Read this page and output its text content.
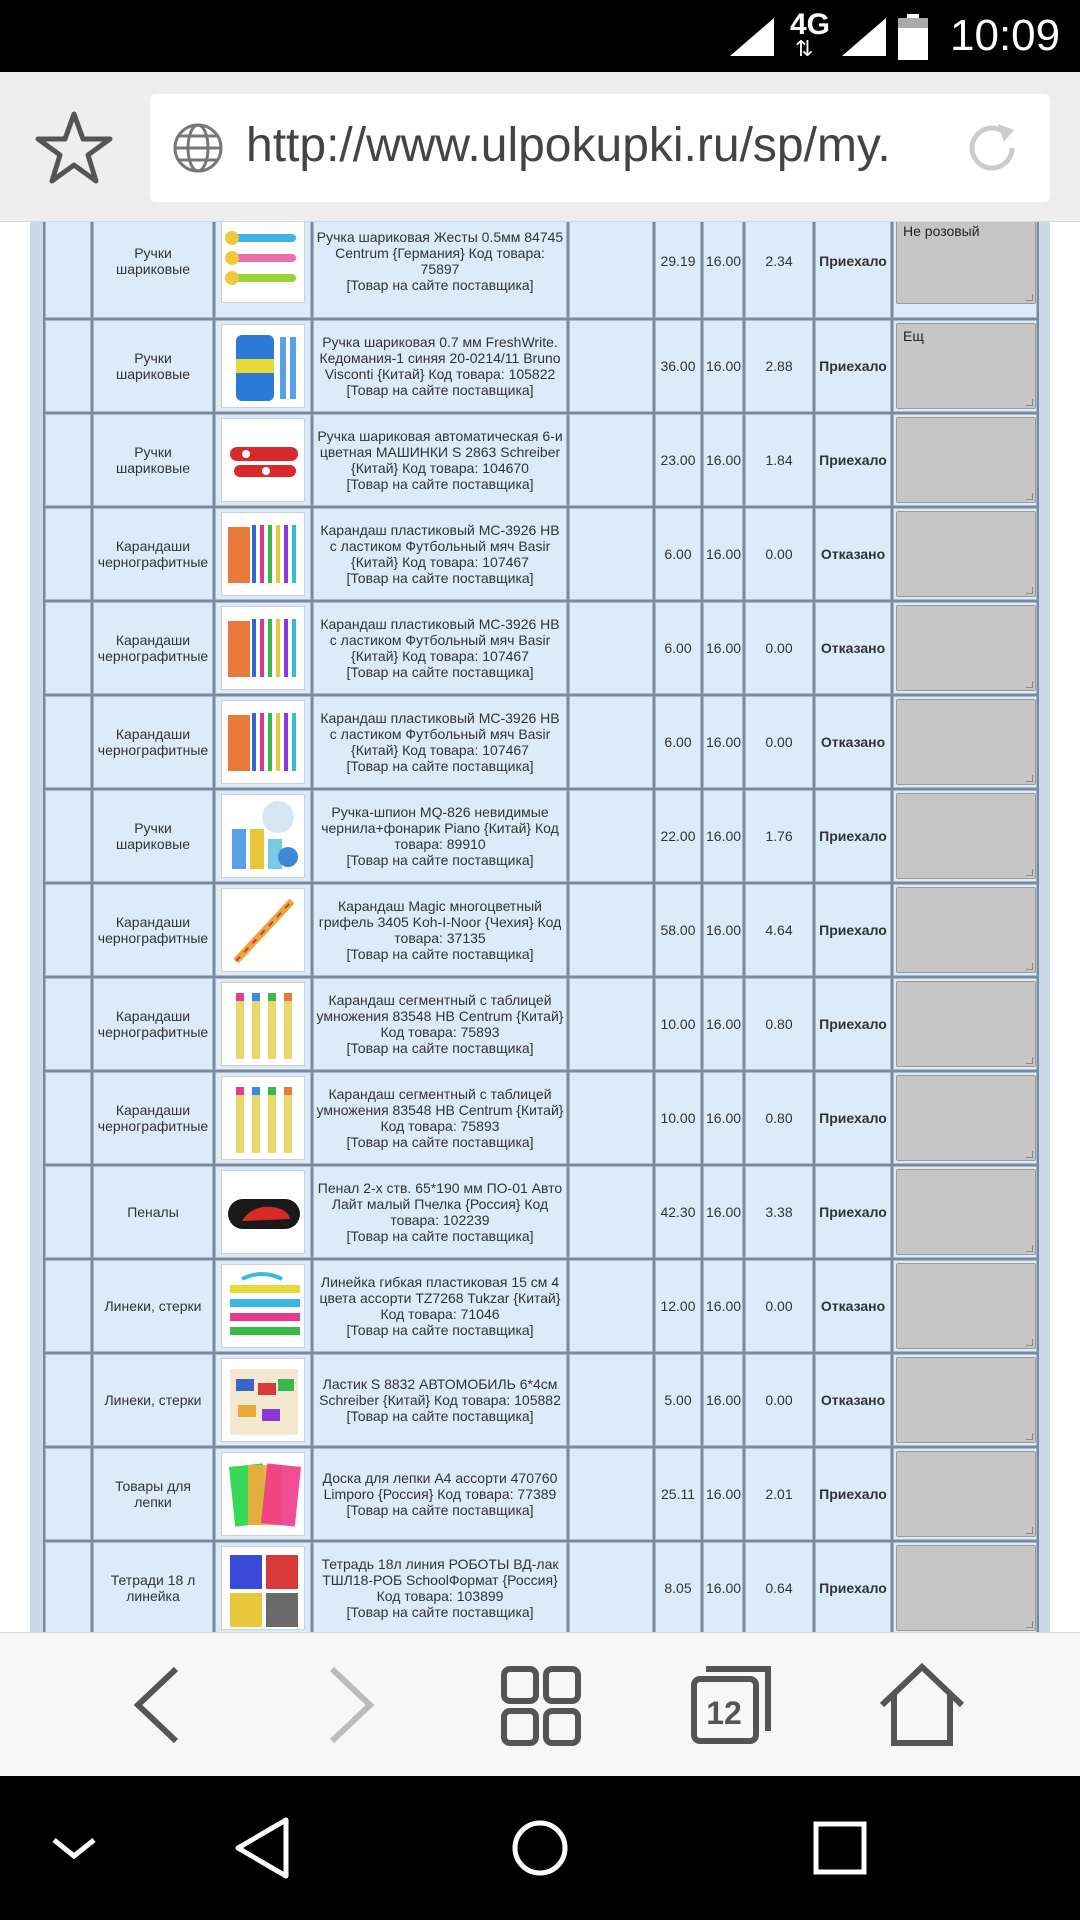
4G
⇅	10:09
http://www.ulpokupki.ru/sp/my.
	Ручки шариковые		Ручка шариковая Жесты 0.5мм 84745 Centrum {Германия} Код товара: 75897
[Товар на сайте поставщика]		29.19	16.00	2.34	Приехало	Не розовый

	Ручки шариковые		Ручка шариковая 0.7 мм FreshWrite. Кедомания-1 синяя 20-0214/11 Bruno Visconti {Китай} Код товара: 105822
[Товар на сайте поставщика]		36.00	16.00	2.88	Приехало	Ещ

	Ручки шариковые		Ручка шариковая автоматическая 6-и цветная МАШИНКИ S 2863 Schreiber {Китай} Код товара: 104670
[Товар на сайте поставщика]		23.00	16.00	1.84	Приехало	

	Карандаши чернографитные		Карандаш пластиковый MC-3926 HB с ластиком Футбольный мяч Basir {Китай} Код товара: 107467
[Товар на сайте поставщика]		6.00	16.00	0.00	Отказано	

	Карандаши чернографитные		Карандаш пластиковый MC-3926 HB с ластиком Футбольный мяч Basir {Китай} Код товара: 107467
[Товар на сайте поставщика]		6.00	16.00	0.00	Отказано	

	Карандаши чернографитные		Карандаш пластиковый MC-3926 HB с ластиком Футбольный мяч Basir {Китай} Код товара: 107467
[Товар на сайте поставщика]		6.00	16.00	0.00	Отказано	

	Ручки шариковые		Ручка-шпион MQ-826 невидимые чернила+фонарик Piano {Китай} Код товара: 89910
[Товар на сайте поставщика]		22.00	16.00	1.76	Приехало	

	Карандаши чернографитные		Карандаш Magic многоцветный грифель 3405 Koh-I-Noor {Чехия} Код товара: 37135
[Товар на сайте поставщика]		58.00	16.00	4.64	Приехало	

	Карандаши чернографитные		Карандаш сегментный с таблицей умножения 83548 HB Centrum {Китай} Код товара: 75893
[Товар на сайте поставщика]		10.00	16.00	0.80	Приехало	

	Карандаши чернографитные		Карандаш сегментный с таблицей умножения 83548 HB Centrum {Китай} Код товара: 75893
[Товар на сайте поставщика]		10.00	16.00	0.80	Приехало	

	Пеналы		Пенал 2-х ств. 65*190 мм ПО-01 Авто Лайт малый Пчелка {Россия} Код товара: 102239
[Товар на сайте поставщика]		42.30	16.00	3.38	Приехало	

	Линеки, стерки		Линейка гибкая пластиковая 15 см 4 цвета ассорти TZ7268 Tukzar {Китай} Код товара: 71046
[Товар на сайте поставщика]		12.00	16.00	0.00	Отказано	

	Линеки, стерки		Ластик S 8832 АВТОМОБИЛЬ 6*4см Schreiber {Китай} Код товара: 105882
[Товар на сайте поставщика]		5.00	16.00	0.00	Отказано	

	Товары для лепки		Доска для лепки А4 ассорти 470760 Limporo {Россия} Код товара: 77389
[Товар на сайте поставщика]		25.11	16.00	2.01	Приехало	

	Тетради 18 л линейка		Тетрадь 18л линия РОБОТЫ ВД-лак ТШЛ18-РОБ SchoolФормат {Россия} Код товара: 103899
[Товар на сайте поставщика]		8.05	16.00	0.64	Приехало	
12
